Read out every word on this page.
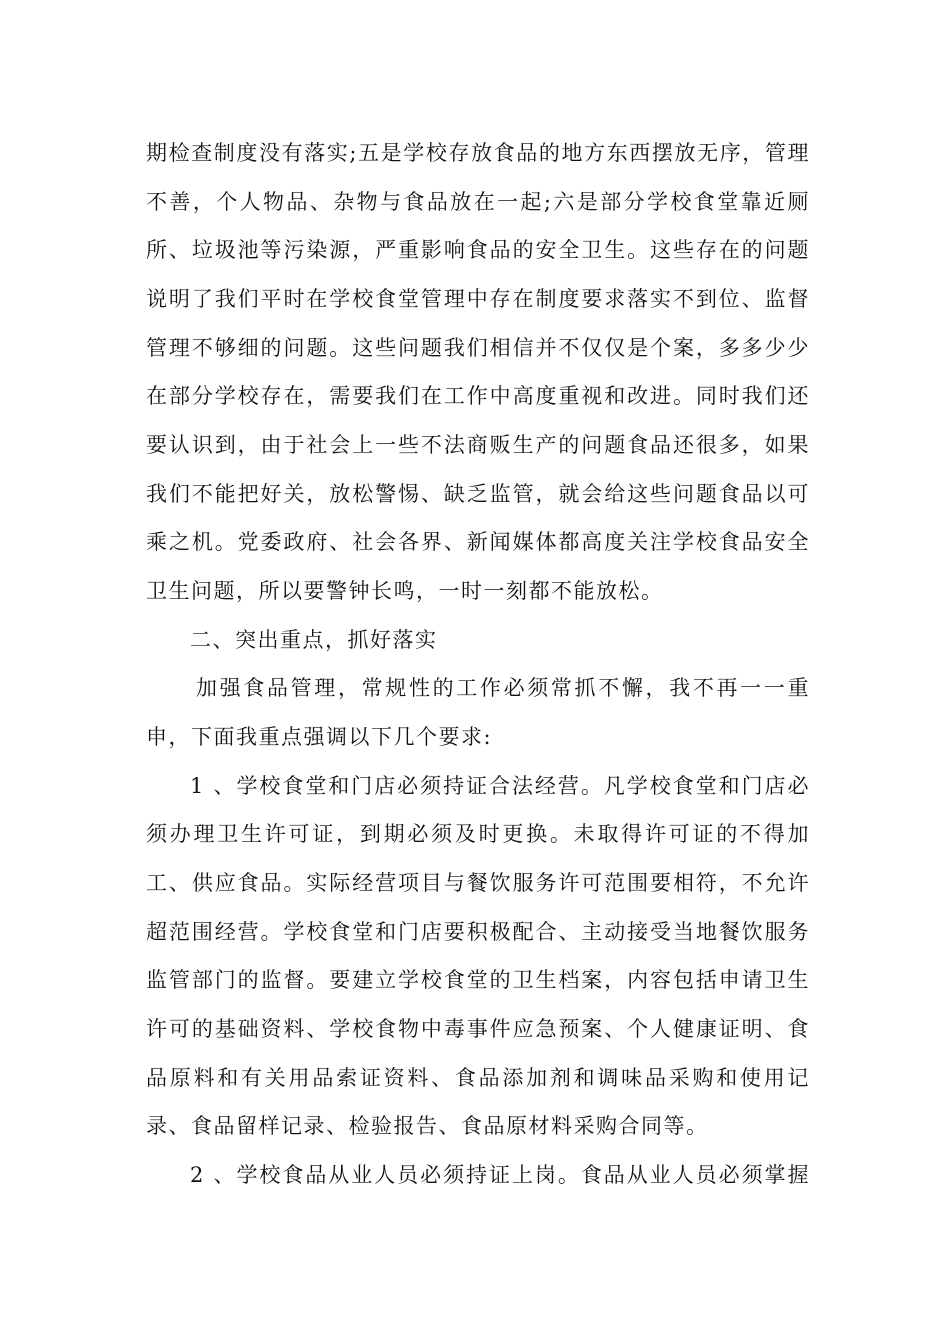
期检查制度没有落实;五是学校存放食品的地方东西摆放无序，管理
不善，个人物品、杂物与食品放在一起;六是部分学校食堂靠近厕
所、垃圾池等污染源，严重影响食品的安全卫生。这些存在的问题
说明了我们平时在学校食堂管理中存在制度要求落实不到位、监督
管理不够细的问题。这些问题我们相信并不仅仅是个案，多多少少
在部分学校存在，需要我们在工作中高度重视和改进。同时我们还
要认识到，由于社会上一些不法商贩生产的问题食品还很多，如果
我们不能把好关，放松警惕、缺乏监管，就会给这些问题食品以可
乘之机。党委政府、社会各界、新闻媒体都高度关注学校食品安全
卫生问题，所以要警钟长鸣，一时一刻都不能放松。
二、突出重点，抓好落实
加强食品管理，常规性的工作必须常抓不懈，我不再一一重
申，下面我重点强调以下几个要求:
1 、学校食堂和门店必须持证合法经营。凡学校食堂和门店必
须办理卫生许可证，到期必须及时更换。未取得许可证的不得加
工、供应食品。实际经营项目与餐饮服务许可范围要相符，不允许
超范围经营。学校食堂和门店要积极配合、主动接受当地餐饮服务
监管部门的监督。要建立学校食堂的卫生档案，内容包括申请卫生
许可的基础资料、学校食物中毒事件应急预案、个人健康证明、食
品原料和有关用品索证资料、食品添加剂和调味品采购和使用记
录、食品留样记录、检验报告、食品原材料采购合同等。
2 、学校食品从业人员必须持证上岗。食品从业人员必须掌握
